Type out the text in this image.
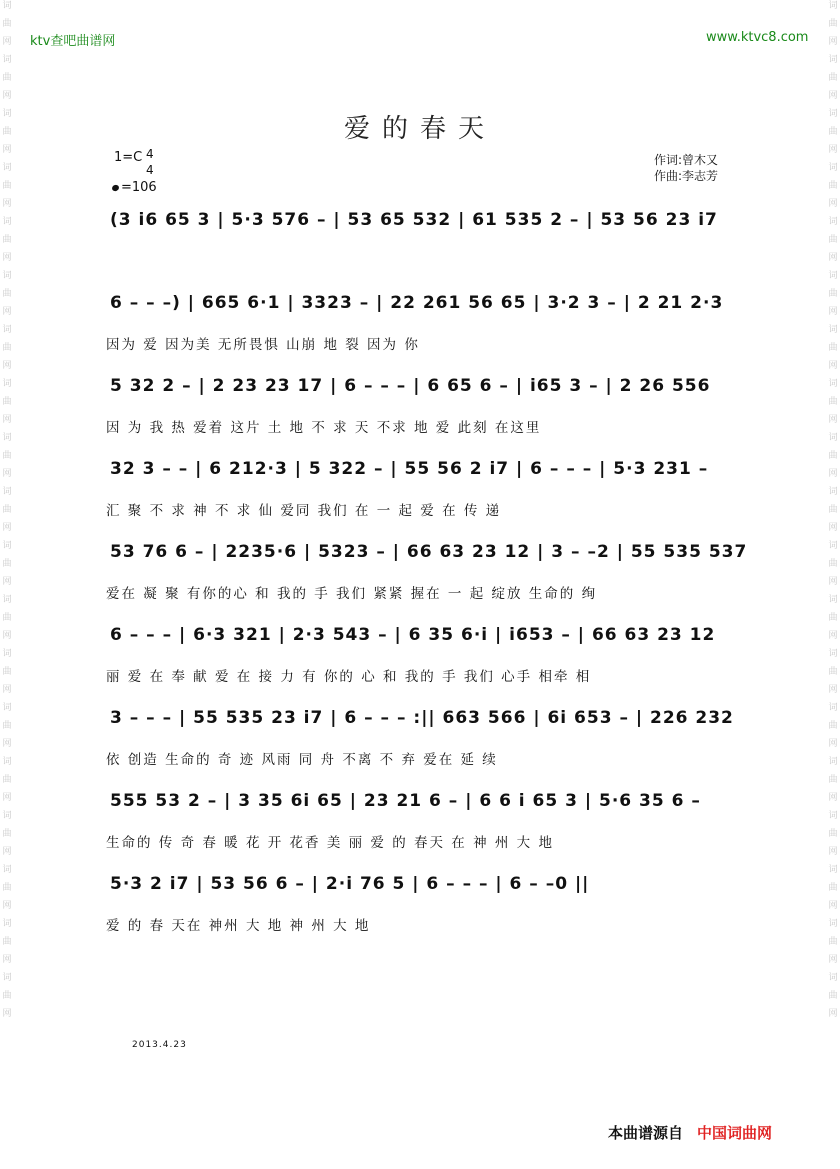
ktv查吧曲谱网	www.ktvc8.com
词
曲
网
词
曲
网
词
曲
网
词
曲
网
词
曲
网
词
曲
网
词
曲
网
词
曲
网
词
曲
网
词
曲
网
词
曲
网
词
曲
网
词
曲
网
词
曲
网
词
曲
网
词
曲
网
词
曲
网
词
曲
网
词
曲
网
词
曲
网
词
曲
网
词
曲
网
词
曲
网
词
曲
网
词
曲
网
词
曲
网
词
曲
网
词
曲
网
词
曲
网
词
曲
网
词
曲
网
词
曲
网
词
曲
网
词
曲
网
词
曲
网
词
曲
网
词
曲
网
词
曲
网
爱的春天
1=C 4
4
=106
作词:曾木又
作曲:李志芳
(3 i6 65 3 | 5·3 576 – | 53 65 532 | 61 535 2 – | 53 56 23 i7
6 – – –) | 665 6·1 | 3323 – | 22 261 56 65 | 3·2 3 – | 2 21 2·3
因为 爱 因为美 无所畏惧 山崩 地 裂 因为 你
5 32 2 – | 2 23 23 17 | 6 – – – | 6 65 6 – | i65 3 – | 2 26 556
因 为 我 热 爱着 这片 土 地 不 求 天 不求 地 爱 此刻 在这里
32 3 – – | 6 212·3 | 5 322 – | 55 56 2 i7 | 6 – – – | 5·3 231 –
汇 聚 不 求 神 不 求 仙 爱同 我们 在 一 起 爱 在 传 递
53 76 6 – | 2235·6 | 5323 – | 66 63 23 12 | 3 – –2 | 55 535 537
爱在 凝 聚 有你的心 和 我的 手 我们 紧紧 握在 一 起 绽放 生命的 绚
6 – – – | 6·3 321 | 2·3 543 – | 6 35 6·i | i653 – | 66 63 23 12
丽 爱 在 奉 献 爱 在 接 力 有 你的 心 和 我的 手 我们 心手 相牵 相
3 – – – | 55 535 23 i7 | 6 – – – :|| 663 566 | 6i 653 – | 226 232
依 创造 生命的 奇 迹 风雨 同 舟 不离 不 弃 爱在 延 续
555 53 2 – | 3 35 6i 65 | 23 21 6 – | 6 6 i 65 3 | 5·6 35 6 –
生命的 传 奇 春 暖 花 开 花香 美 丽 爱 的 春天 在 神 州 大 地
5·3 2 i7 | 53 56 6 – | 2·i 76 5 | 6 – – – | 6 – –0 ||
爱 的 春 天在 神州 大 地 神 州 大 地
2013.4.23
本曲谱源自 中国词曲网
